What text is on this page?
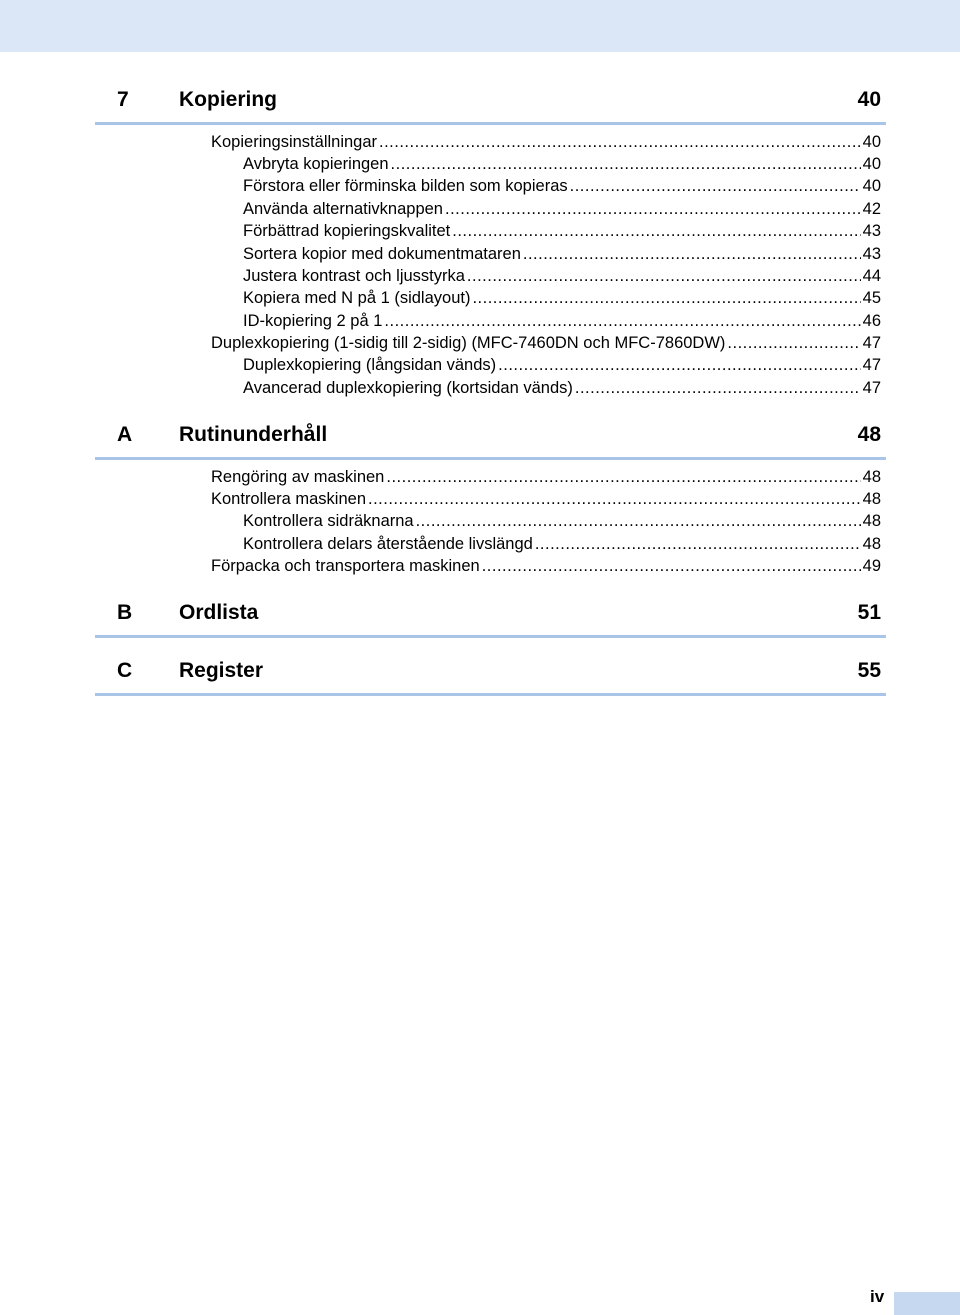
7 Kopiering	40
Kopieringsinställningar .....	40
Avbryta kopieringen .....	40
Förstora eller förminska bilden som kopieras .....	40
Använda alternativknappen .....	42
Förbättrad kopieringskvalitet .....	43
Sortera kopior med dokumentmataren .....	43
Justera kontrast och ljusstyrka .....	44
Kopiera med N på 1 (sidlayout) .....	45
ID-kopiering 2 på 1 .....	46
Duplexkopiering (1-sidig till 2-sidig) (MFC-7460DN och MFC-7860DW) .....	47
Duplexkopiering (långsidan vänds) .....	47
Avancerad duplexkopiering (kortsidan vänds) .....	47
A Rutinunderhåll	48
Rengöring av maskinen .....	48
Kontrollera maskinen .....	48
Kontrollera sidräknarna .....	48
Kontrollera delars återstående livslängd .....	48
Förpacka och transportera maskinen .....	49
B Ordlista	51
C Register	55
iv
